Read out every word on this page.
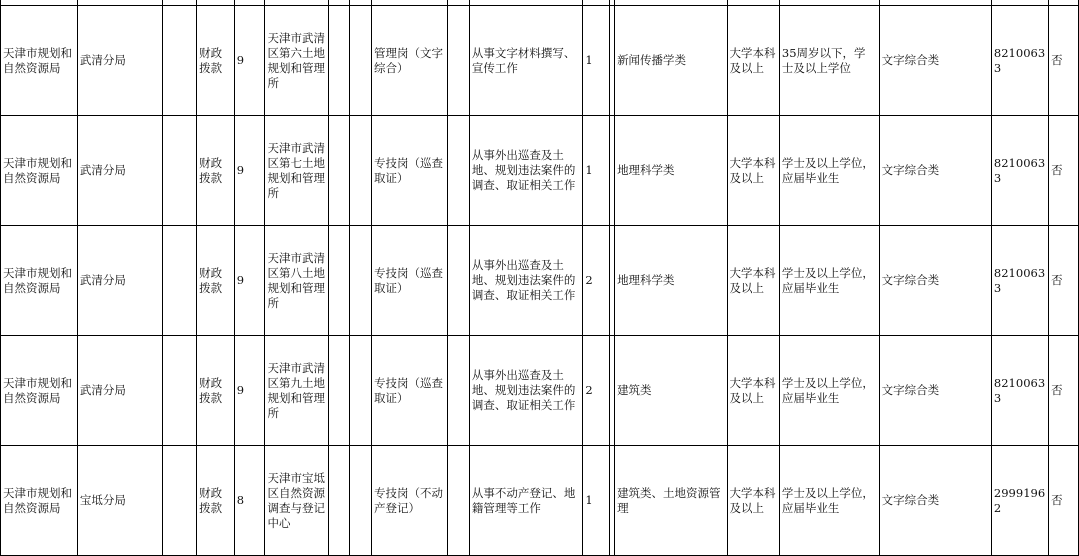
天津市规划和自然资源局	武清分局		财政拨款	9	天津市武清区第六土地规划和管理所			管理岗（文字综合）		从事文字材料撰写、宣传工作	1		新闻传播学类	大学本科及以上	35周岁以下，学士及以上学位	文字综合类	82100633	否
天津市规划和自然资源局	武清分局		财政拨款	9	天津市武清区第七土地规划和管理所			专技岗（巡查取证）		从事外出巡查及土地、规划违法案件的调查、取证相关工作	1		地理科学类	大学本科及以上	学士及以上学位，应届毕业生	文字综合类	82100633	否
天津市规划和自然资源局	武清分局		财政拨款	9	天津市武清区第八土地规划和管理所			专技岗（巡查取证）		从事外出巡查及土地、规划违法案件的调查、取证相关工作	2		地理科学类	大学本科及以上	学士及以上学位，应届毕业生	文字综合类	82100633	否
天津市规划和自然资源局	武清分局		财政拨款	9	天津市武清区第九土地规划和管理所			专技岗（巡查取证）		从事外出巡查及土地、规划违法案件的调查、取证相关工作	2		建筑类	大学本科及以上	学士及以上学位，应届毕业生	文字综合类	82100633	否
天津市规划和自然资源局	宝坻分局		财政拨款	8	天津市宝坻区自然资源调查与登记中心			专技岗（不动产登记）		从事不动产登记、地籍管理等工作	1		建筑类、土地资源管理	大学本科及以上	学士及以上学位，应届毕业生	文字综合类	29991962	否
